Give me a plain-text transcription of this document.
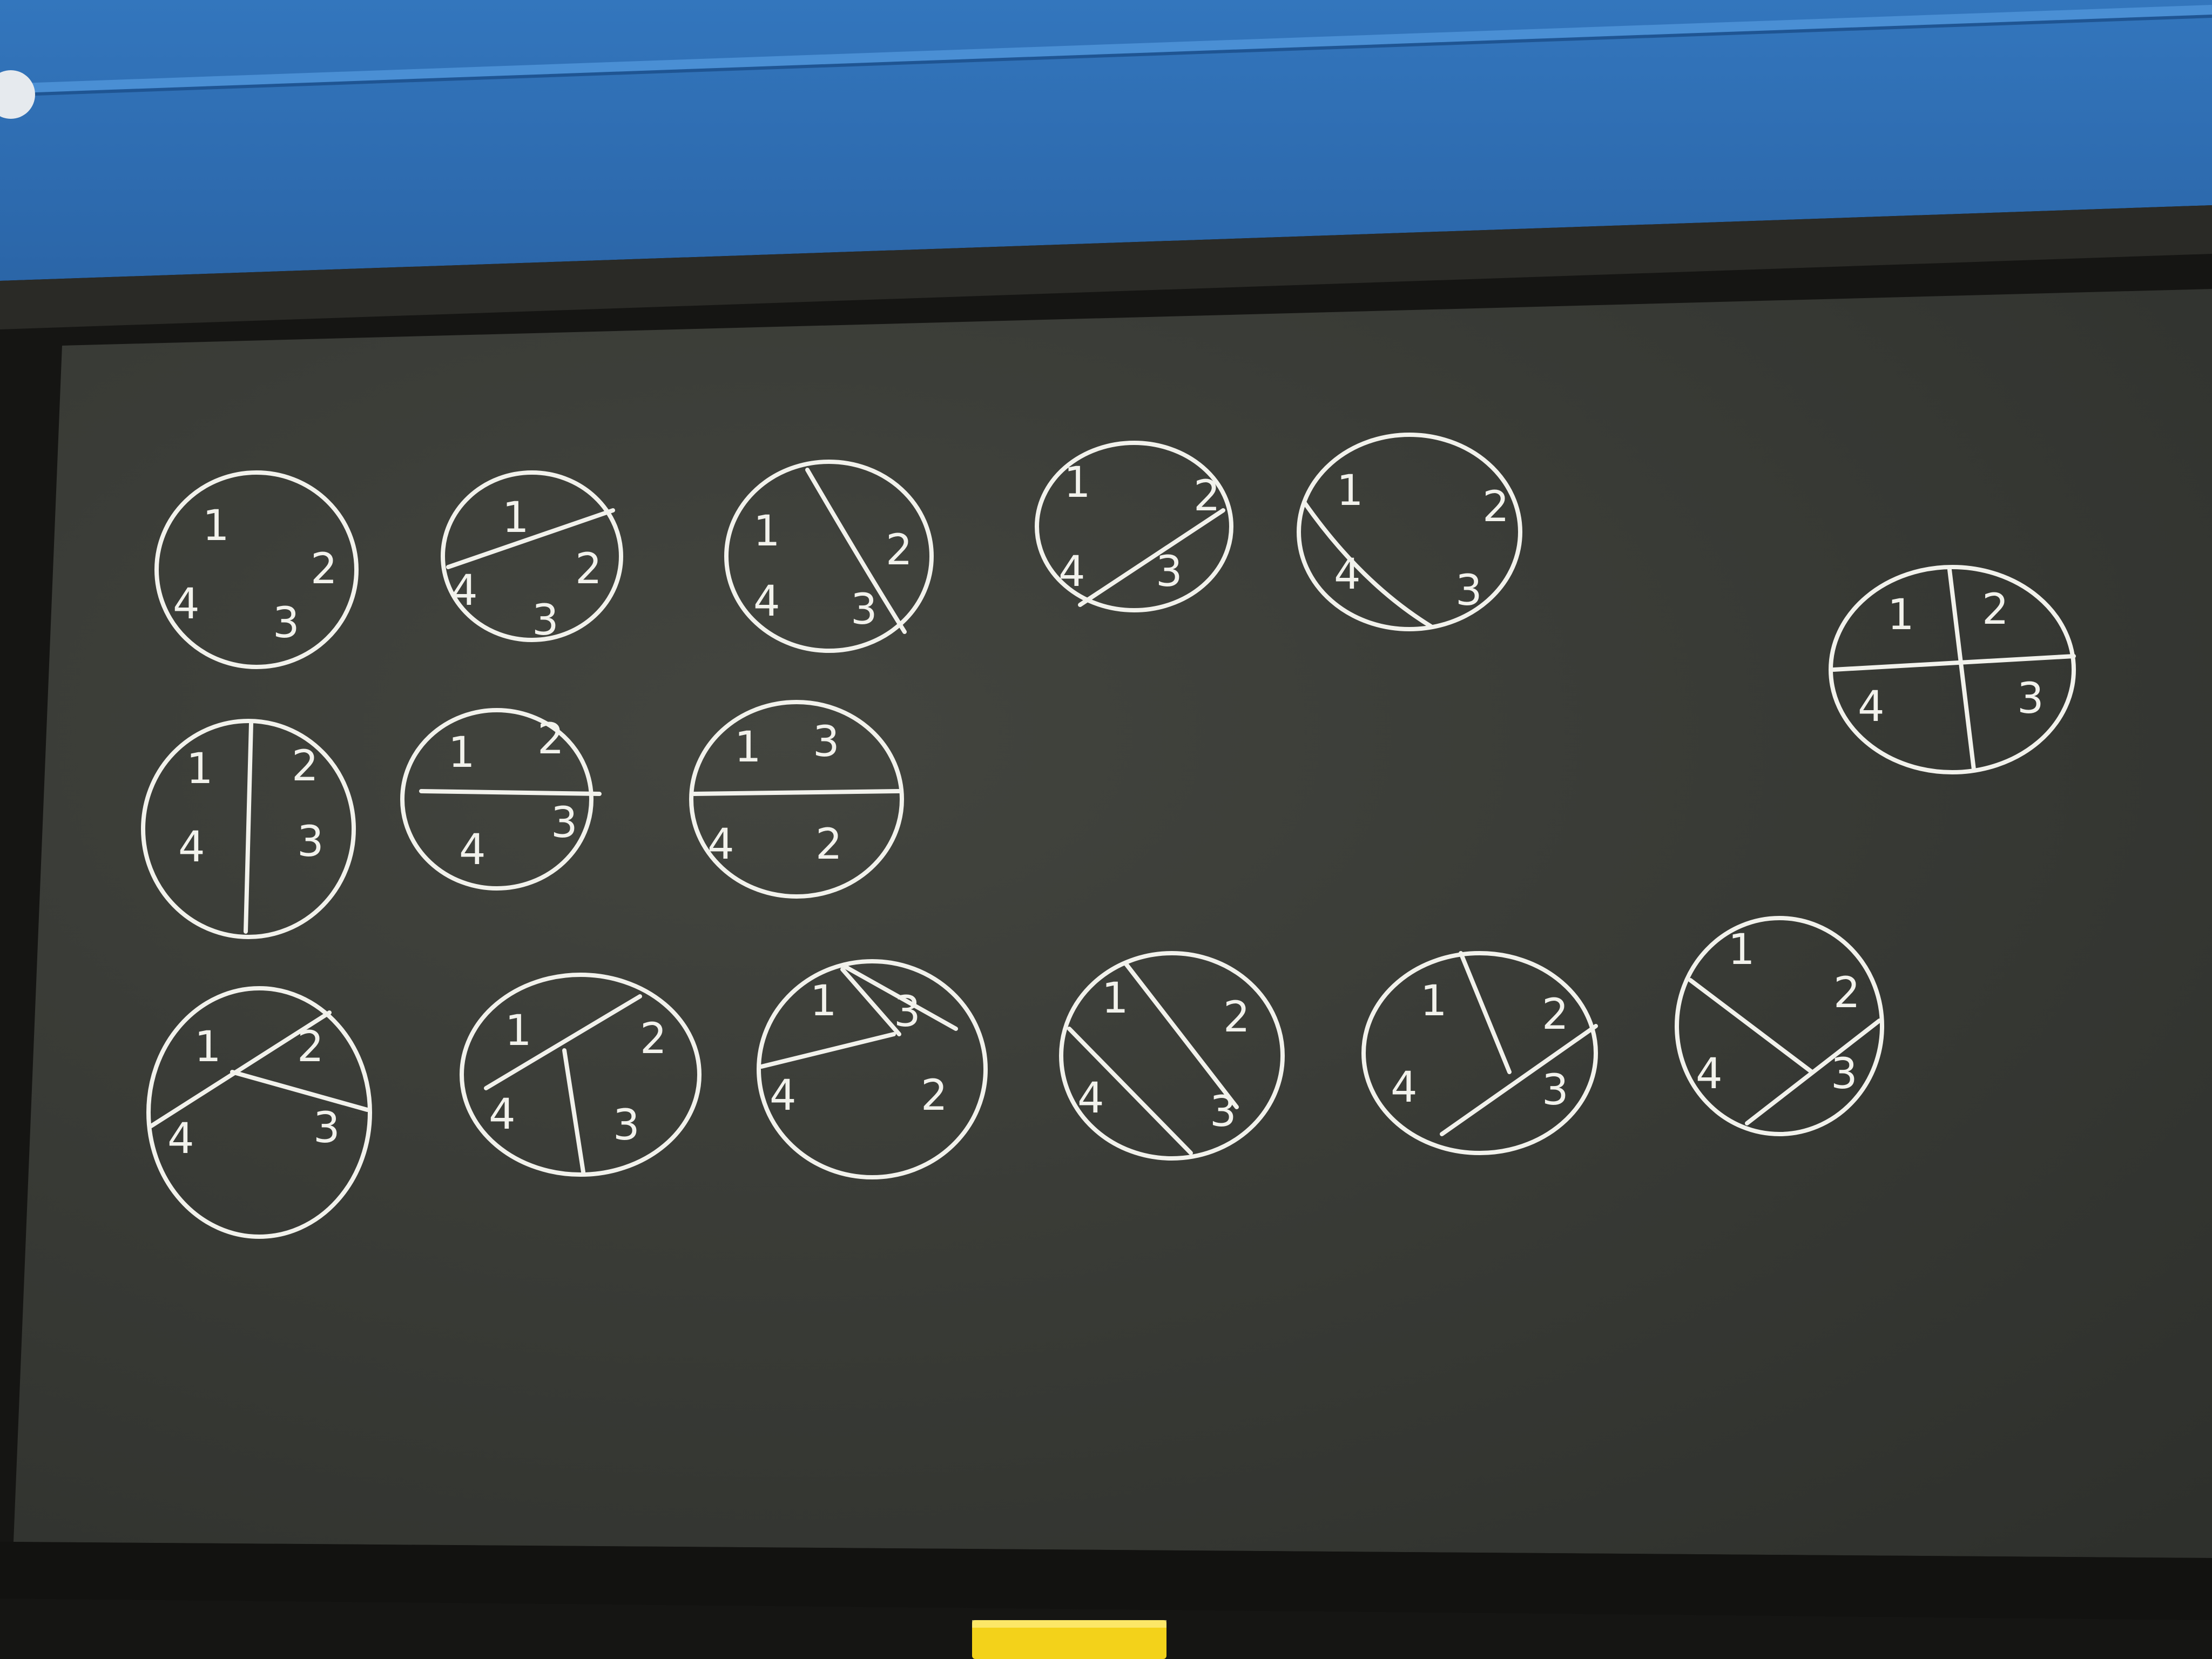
1
2
3
4
1
2
3
4
1	2
3
4
1 2
3
4
1	2
3
4
1 2
3
4
1 2
3
4
1 2
3
4
1
2
3
4
1 2
3
4
1	2
3
4
1
2
3
4
1 2
3
4
1 2
3
4
1
2
3
4
